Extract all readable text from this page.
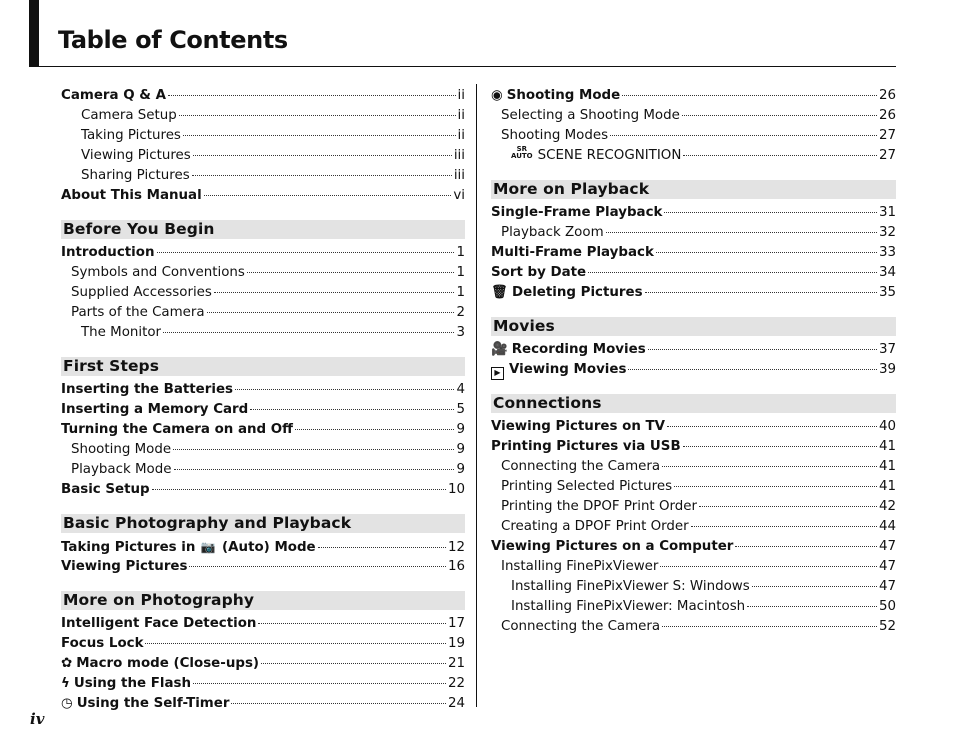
Table of Contents
Camera Q & A	ii
Camera Setup	ii
Taking Pictures	ii
Viewing Pictures	iii
Sharing Pictures	iii
About This Manual	vi
Before You Begin
Introduction	1
Symbols and Conventions	1
Supplied Accessories	1
Parts of the Camera	2
The Monitor	3
First Steps
Inserting the Batteries	4
Inserting a Memory Card	5
Turning the Camera on and Off	9
Shooting Mode	9
Playback Mode	9
Basic Setup	10
Basic Photography and Playback
Taking Pictures in 📷 (Auto) Mode	12
Viewing Pictures	16
More on Photography
Intelligent Face Detection	17
Focus Lock	19
✿ Macro mode (Close-ups)	21
ϟ Using the Flash	22
◷ Using the Self-Timer	24
◉ Shooting Mode	26
Selecting a Shooting Mode	26
Shooting Modes	27
SR
AUTO SCENE RECOGNITION	27
More on Playback
Single-Frame Playback	31
Playback Zoom	32
Multi-Frame Playback	33
Sort by Date	34
🗑 Deleting Pictures	35
Movies
🎥 Recording Movies	37
▶ Viewing Movies	39
Connections
Viewing Pictures on TV	40
Printing Pictures via USB	41
Connecting the Camera	41
Printing Selected Pictures	41
Printing the DPOF Print Order	42
Creating a DPOF Print Order	44
Viewing Pictures on a Computer	47
Installing FinePixViewer	47
Installing FinePixViewer S: Windows	47
Installing FinePixViewer: Macintosh	50
Connecting the Camera	52
iv
